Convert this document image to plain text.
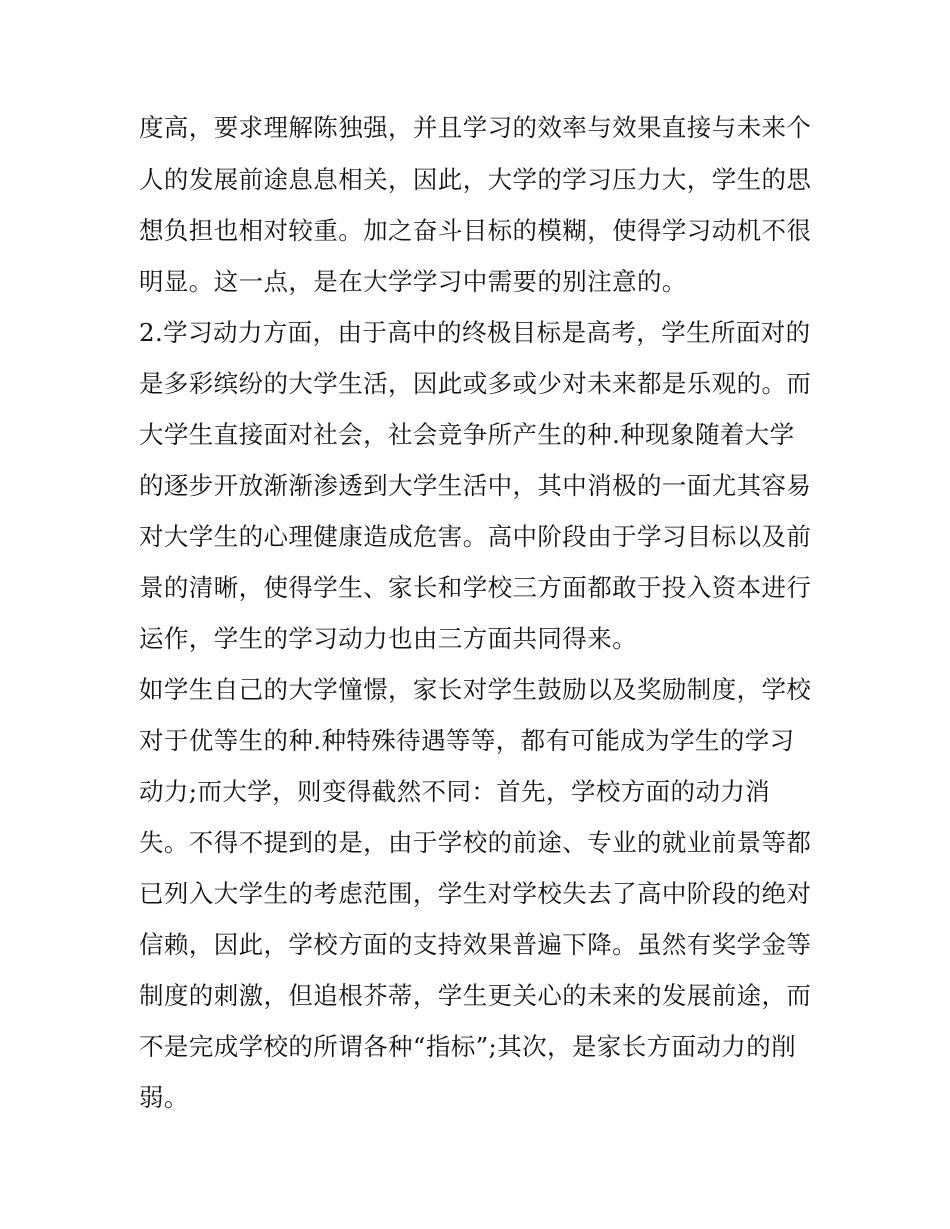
度高，要求理解陈独强，并且学习的效率与效果直接与未来个
人的发展前途息息相关，因此，大学的学习压力大，学生的思
想负担也相对较重。加之奋斗目标的模糊，使得学习动机不很
明显。这一点，是在大学学习中需要的别注意的。
2.学习动力方面，由于高中的终极目标是高考，学生所面对的
是多彩缤纷的大学生活，因此或多或少对未来都是乐观的。而
大学生直接面对社会，社会竞争所产生的种.种现象随着大学
的逐步开放渐渐渗透到大学生活中，其中消极的一面尤其容易
对大学生的心理健康造成危害。高中阶段由于学习目标以及前
景的清晰，使得学生、家长和学校三方面都敢于投入资本进行
运作，学生的学习动力也由三方面共同得来。
如学生自己的大学憧憬，家长对学生鼓励以及奖励制度，学校
对于优等生的种.种特殊待遇等等，都有可能成为学生的学习
动力;而大学，则变得截然不同：首先，学校方面的动力消
失。不得不提到的是，由于学校的前途、专业的就业前景等都
已列入大学生的考虑范围，学生对学校失去了高中阶段的绝对
信赖，因此，学校方面的支持效果普遍下降。虽然有奖学金等
制度的刺激，但追根芥蒂，学生更关心的未来的发展前途，而
不是完成学校的所谓各种“指标”;其次，是家长方面动力的削
弱。
